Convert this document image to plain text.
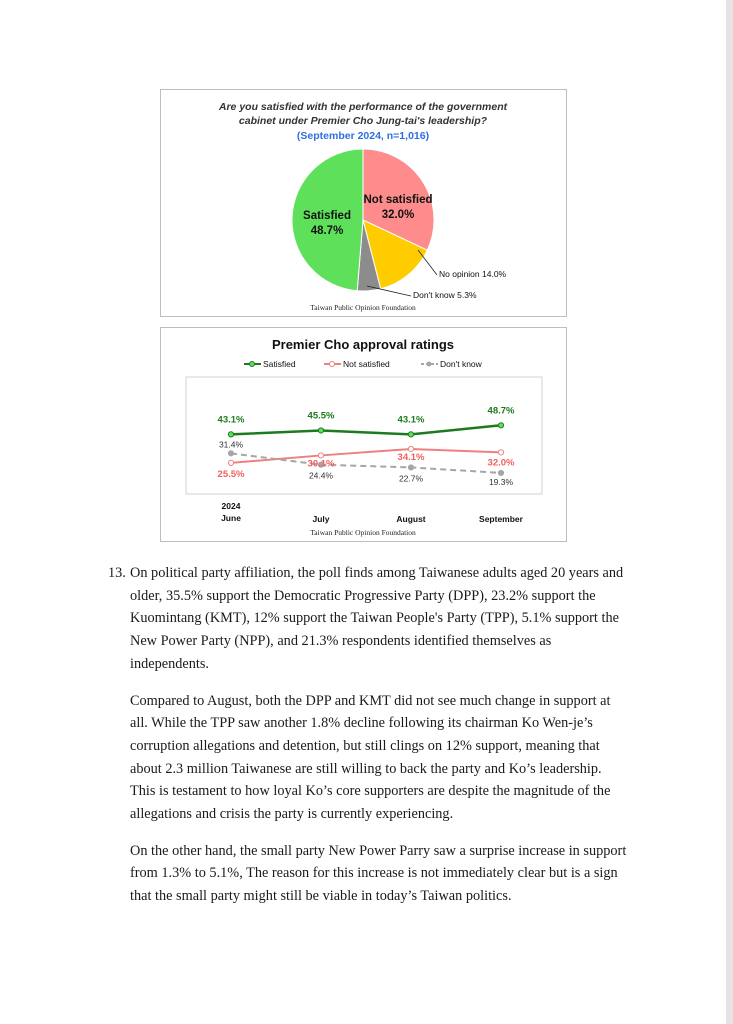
Are you satisfied with the performance of the government
cabinet under Premier Cho Jung-tai's leadership?
(September 2024, n=1,016)
Satisfied
48.7%
Not satisfied
32.0%
No opinion 14.0%
Don't know 5.3%
Taiwan Public Opinion Foundation
Premier Cho approval ratings
Satisfied	Not satisfied	Don't know
43.1%	45.5%	43.1%
48.7%
25.5%
30.1%
34.1%	32.0%
31.4%
24.4%	22.7%	19.3%
2024
June	July	August	September
Taiwan Public Opinion Foundation

13. On political party affiliation, the poll finds among Taiwanese adults aged 20 years and older, 35.5% support the Democratic Progressive Party (DPP), 23.2% support the Kuomintang (KMT), 12% support the Taiwan People's Party (TPP), 5.1% support the New Power Party (NPP), and 21.3% respondents identified themselves as independents.

Compared to August, both the DPP and KMT did not see much change in support at all. While the TPP saw another 1.8% decline following its chairman Ko Wen-je’s corruption allegations and detention, but still clings on 12% support, meaning that about 2.3 million Taiwanese are still willing to back the party and Ko’s leadership. This is testament to how loyal Ko’s core supporters are despite the magnitude of the allegations and crisis the party is currently experiencing.

On the other hand, the small party New Power Parry saw a surprise increase in support from 1.3% to 5.1%, The reason for this increase is not immediately clear but is a sign that the small party might still be viable in today’s Taiwan politics.
